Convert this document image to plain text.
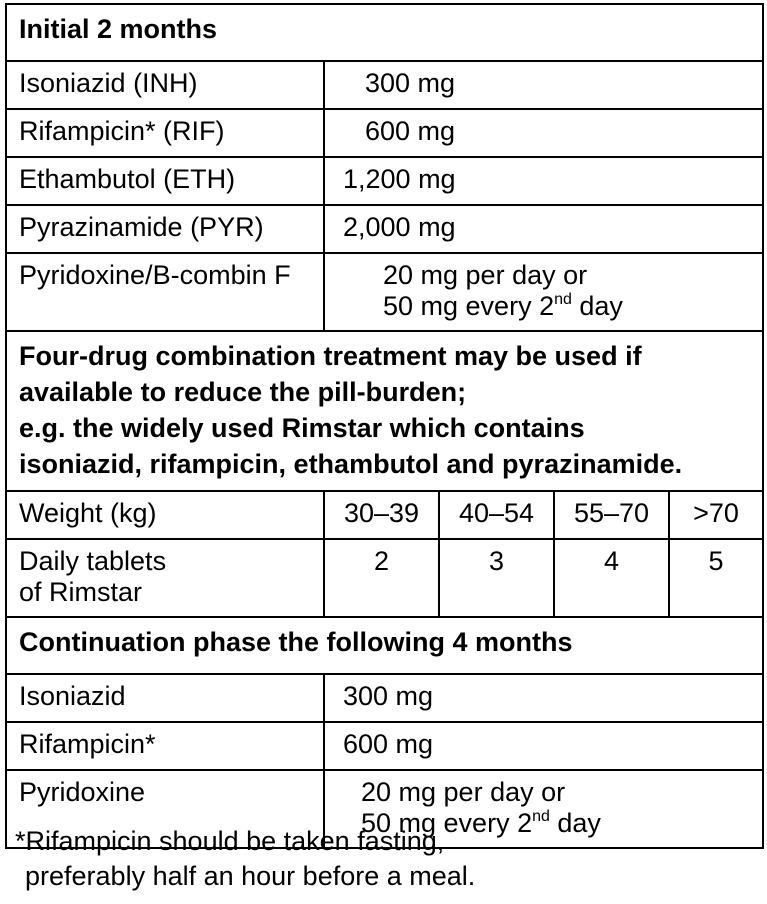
Initial 2 months				
Isoniazid (INH)	300 mg			
Rifampicin* (RIF)	600 mg			
Ethambutol (ETH)	1,200 mg			
Pyrazinamide (PYR)	2,000 mg			
Pyridoxine/B-combin F	20 mg per day or
50 mg every 2nd day			
Four-drug combination treatment may be used if
available to reduce the pill-burden;
e.g. the widely used Rimstar which contains
isoniazid, rifampicin, ethambutol and pyrazinamide.				
Weight (kg)	30–39	40–54	55–70	>70
Daily tablets
of Rimstar	2	3	4	5
Continuation phase the following 4 months				
Isoniazid	300 mg			
Rifampicin*	600 mg			
Pyridoxine	20 mg per day or
50 mg every 2nd day			
*Rifampicin should be taken fasting,
preferably half an hour before a meal.
